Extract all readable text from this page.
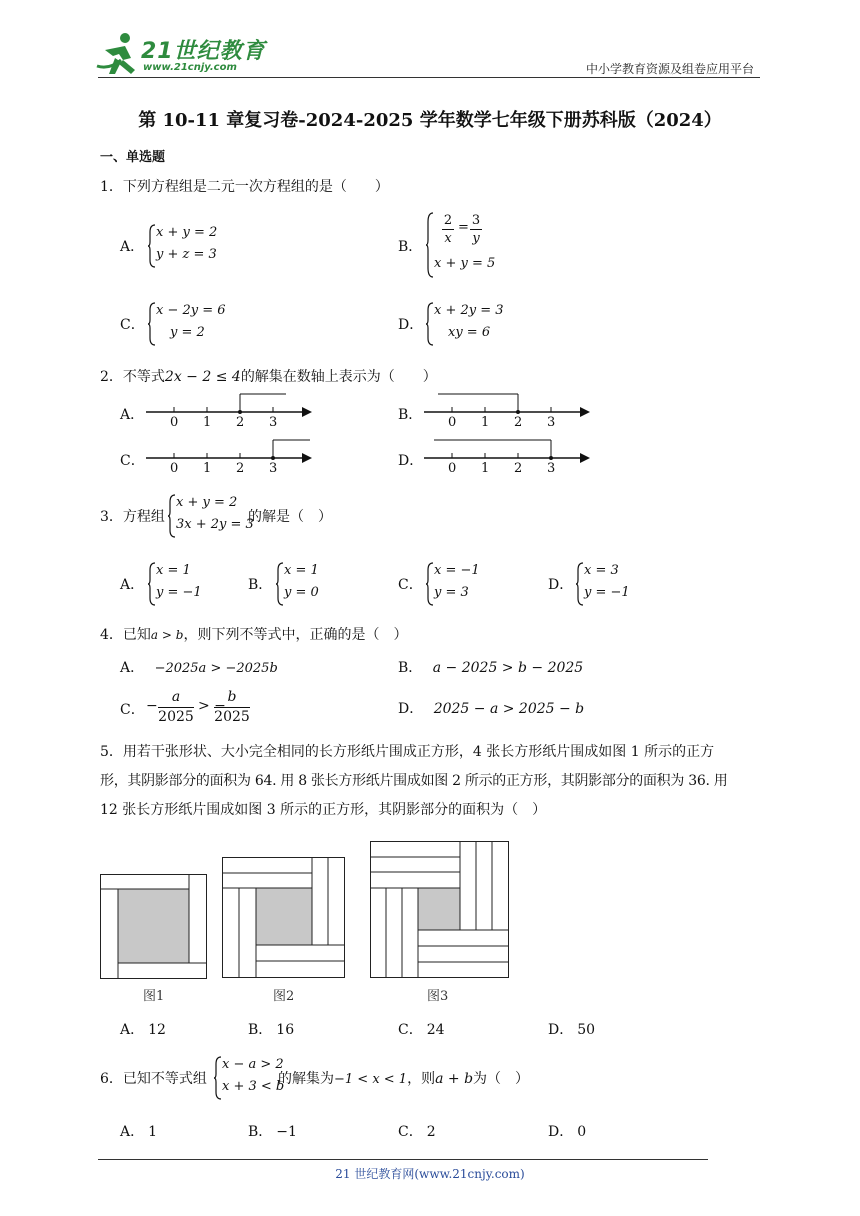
21世纪教育
www.21cnjy.com	中小学教育资源及组卷应用平台
第 10-11 章复习卷-2024-2025 学年数学七年级下册苏科版（2024）
一、单选题
1．下列方程组是二元一次方程组的是（　　）
A．
x + y = 2
y + z = 3	B． $\frac{2}{x} = \frac{3}{y}$
x + y = 5
C．
x − 2y = 6
y = 2	D．
x + 2y = 3
xy = 6
2．不等式2x − 2 ≤ 4的解集在数轴上表示为（　　）
A． 0 1 2 3	B． 0 1 2 3
C． 0 1 2 3	D． 0 1 2 3
3．方程组
x + y = 2
3x + 2y = 3
的解是（　）
A．
x = 1
y = −1	B．
x = 1
y = 0	C．
x = −1
y = 3	D．
x = 3
y = −1
4．已知a > b，则下列不等式中，正确的是（　）
A． −2025a > −2025b	B． a − 2025 > b − 2025
C． − $\frac{a}{2025}$ > −
$\frac{b}{2025}$	D． 2025 − a > 2025 − b
5．用若干张形状、大小完全相同的长方形纸片围成正方形，4 张长方形纸片围成如图 1 所示的正方
形，其阴影部分的面积为 64. 用 8 张长方形纸片围成如图 2 所示的正方形，其阴影部分的面积为 36. 用
12 张长方形纸片围成如图 3 所示的正方形，其阴影部分的面积为（　）
图1	图2	图3
A． 12	B． 16	C． 24	D． 50
6．已知不等式组
x − a > 2
x + 3 < b
的解集为−1 < x < 1，则a + b为（　）
A． 1	B． −1	C． 2	D． 0
21 世纪教育网(www.21cnjy.com)
